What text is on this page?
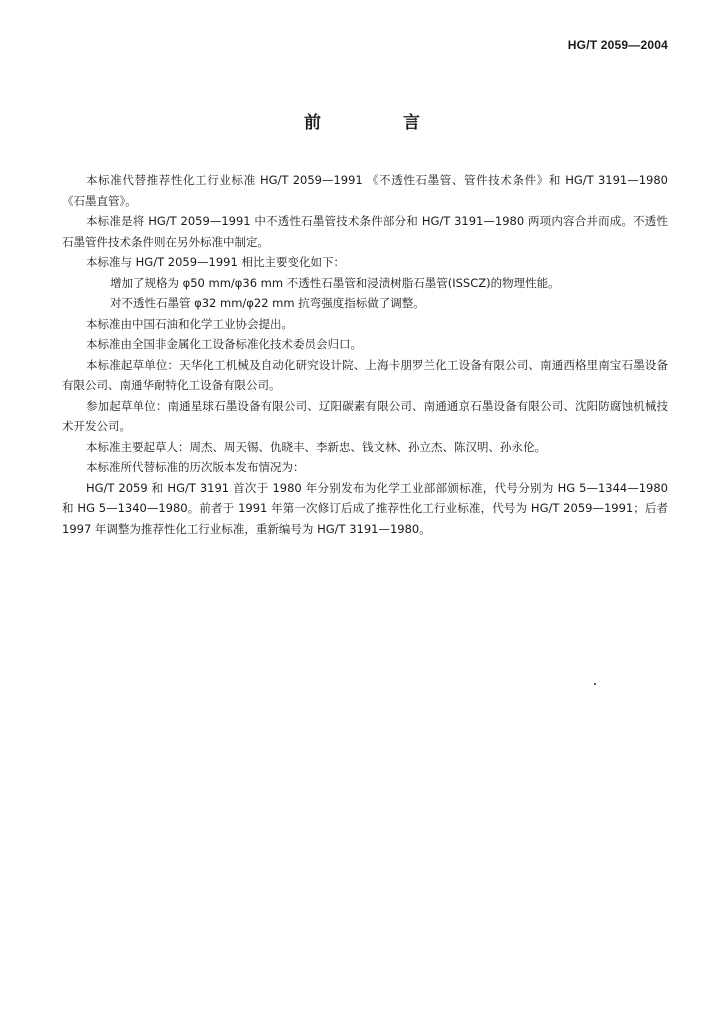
HG/T 2059—2004
前 言

本标准代替推荐性化工行业标准 HG/T 2059—1991 《不透性石墨管、管件技术条件》和 HG/T 3191—1980 《石墨直管》。

本标准是将 HG/T 2059—1991 中不透性石墨管技术条件部分和 HG/T 3191—1980 两项内容合并而成。不透性石墨管件技术条件则在另外标准中制定。

本标准与 HG/T 2059—1991 相比主要变化如下：

增加了规格为 φ50 mm/φ36 mm 不透性石墨管和浸渍树脂石墨管(ISSCZ)的物理性能。

对不透性石墨管 φ32 mm/φ22 mm 抗弯强度指标做了调整。

本标准由中国石油和化学工业协会提出。

本标准由全国非金属化工设备标准化技术委员会归口。

本标准起草单位：天华化工机械及自动化研究设计院、上海卡朋罗兰化工设备有限公司、南通西格里南宝石墨设备有限公司、南通华耐特化工设备有限公司。

参加起草单位：南通星球石墨设备有限公司、辽阳碳素有限公司、南通通京石墨设备有限公司、沈阳防腐蚀机械技术开发公司。

本标准主要起草人：周杰、周天锡、仇晓丰、李新忠、钱文林、孙立杰、陈汉明、孙永伦。

本标准所代替标准的历次版本发布情况为：

HG/T 2059 和 HG/T 3191 首次于 1980 年分别发布为化学工业部部颁标准，代号分别为 HG 5—1344—1980 和 HG 5—1340—1980。前者于 1991 年第一次修订后成了推荐性化工行业标准，代号为 HG/T 2059—1991；后者 1997 年调整为推荐性化工行业标准，重新编号为 HG/T 3191—1980。
